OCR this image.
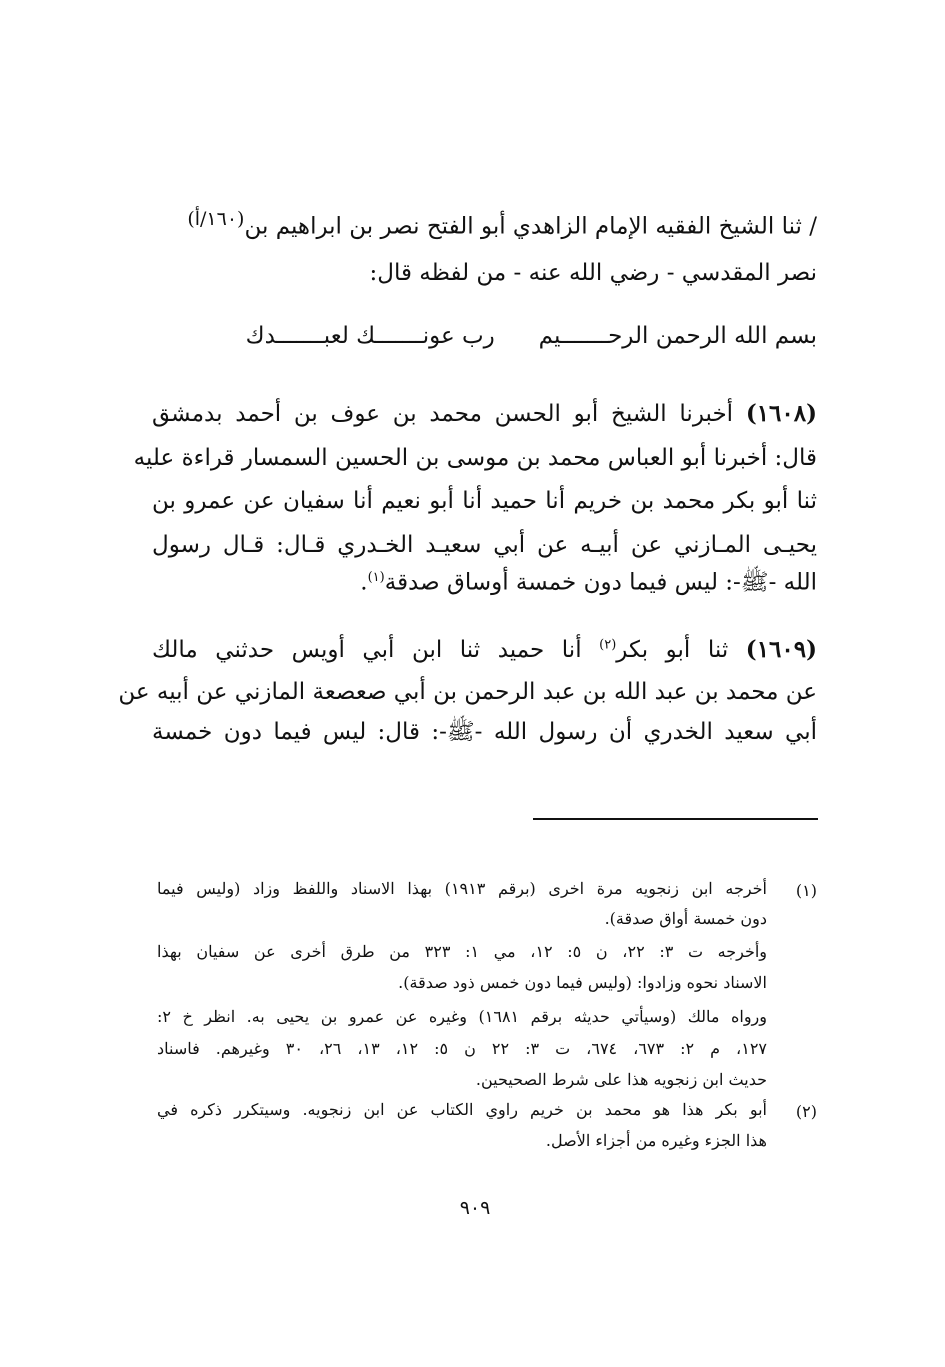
/ ثنا الشيخ الفقيه الإمام الزاهدي أبو الفتح نصر بن ابراهيم بن$^{(١٦٠/أ)}$
نصر المقدسي - رضي الله عنه - من لفظه قال:
بسم الله الرحمن الرحـــــــيم      رب عونـــــــك لعبـــــــدك
(١٦٠٨) أخبرنا الشيخ أبو الحسن محمد بن عوف بن أحمد بدمشق
قال: أخبرنا أبو العباس محمد بن موسى بن الحسين السمسار قراءة عليه
ثنا أبو بكر محمد بن خريم أنا حميد أنا أبو نعيم أنا سفيان عن عمرو بن
يحيـى المـازني عن أبيـه عن أبي سعيـد الخـدري قـال: قـال رسول
الله -ﷺ-: ليس فيما دون خمسة أوساق صدقة$^{(١)}$.
(١٦٠٩) ثنا أبو بكر$^{(٢)}$ أنا حميد ثنا ابن أبي أويس حدثني مالك
عن محمد بن عبد الله بن عبد الرحمن بن أبي صعصعة المازني عن أبيه عن
أبي سعيد الخدري أن رسول الله -ﷺ-: قال: ليس فيما دون خمسة
(١)
أخرجه ابن زنجويه مرة اخرى (برقم ١٩١٣) بهذا الاسناد واللفظ وزاد (وليس فيما
دون خمسة أواق صدقة).
وأخرجه ت ٣: ٢٢، ن ٥: ١٢، مي ١: ٣٢٣ من طرق أخرى عن سفيان بهذا
الاسناد نحوه وزادوا: (وليس فيما دون خمس ذود صدقة).
ورواه مالك (وسيأتي حديثه برقم ١٦٨١) وغيره عن عمرو بن يحيى به. انظر خ ٢:
١٢٧، م ٢: ٦٧٣، ٦٧٤، ت ٣: ٢٢ ن ٥: ١٢، ١٣، ٢٦، ٣٠ وغيرهم. فاسناد
حديث ابن زنجويه هذا على شرط الصحيحين.
(٢)
أبو بكر هذا هو محمد بن خريم راوي الكتاب عن ابن زنجويه. وسيتكرر ذكره في
هذا الجزء وغيره من أجزاء الأصل.
٩٠٩
